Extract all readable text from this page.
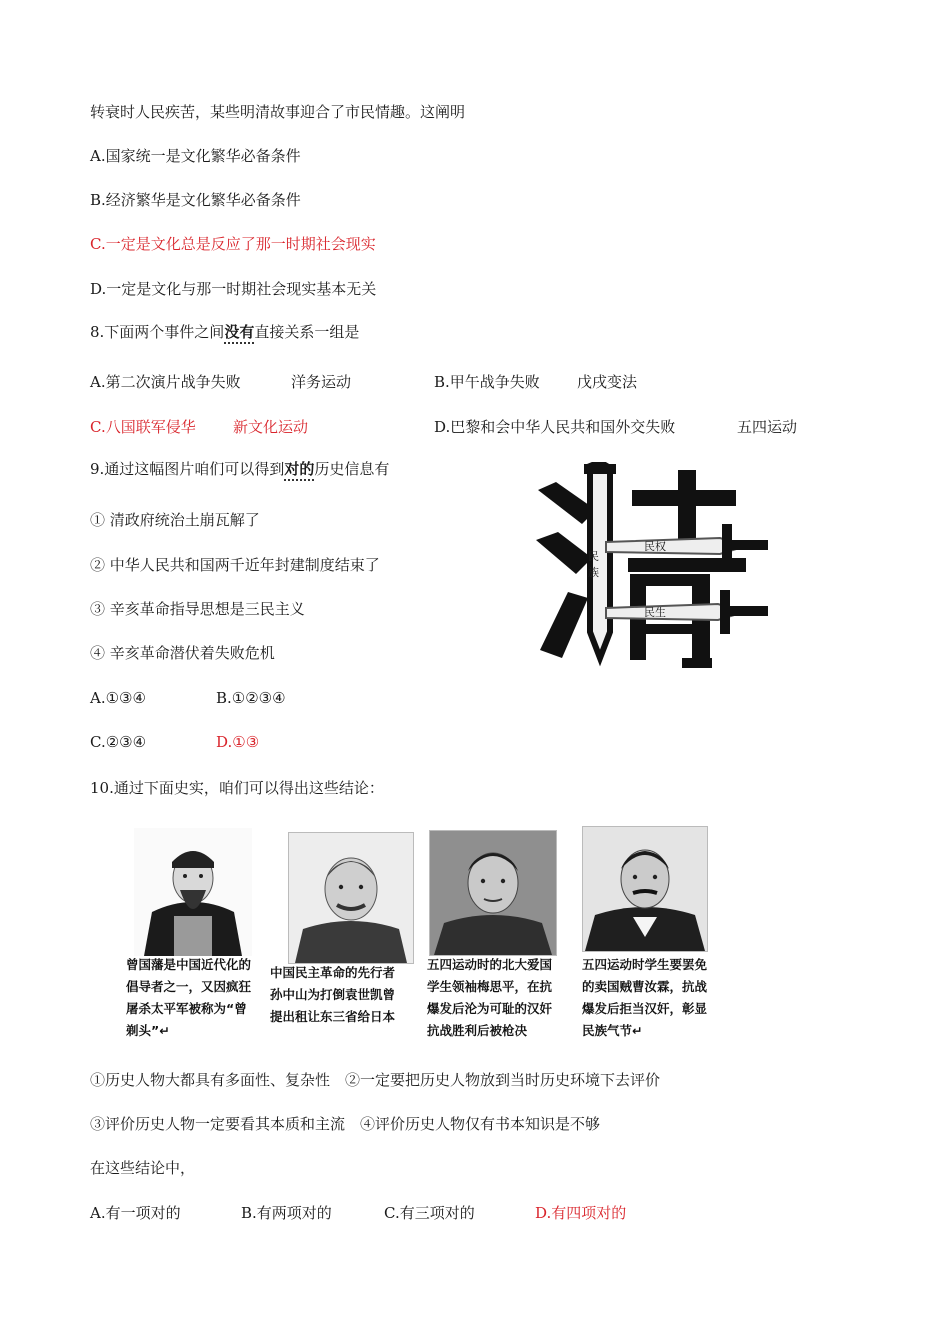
转衰时人民疾苦，某些明清故事迎合了市民情趣。这阐明
A.国家统一是文化繁华必备条件
B.经济繁华是文化繁华必备条件
C.一定是文化总是反应了那一时期社会现实
D.一定是文化与那一时期社会现实基本无关
8.下面两个事件之间没有直接关系一组是
A.第二次演片战争失败	洋务运动	B.甲午战争失败 戊戌变法
C.八国联军侵华 新文化运动	D.巴黎和会中华人民共和国外交失败	五四运动
9.通过这幅图片咱们可以得到对的历史信息有
① 清政府统治土崩瓦解了
② 中华人民共和国两千近年封建制度结束了
③ 辛亥革命指导思想是三民主义
④ 辛亥革命潜伏着失败危机
A.①③④	B.①②③④
C.②③④	D.①③
民
族
民权
民生
10.通过下面史实，咱们可以得出这些结论：
曾国藩是中国近代化的
倡导者之一，又因疯狂
屠杀太平军被称为“曾
剃头”↵
中国民主革命的先行者
孙中山为打倒袁世凯曾
提出租让东三省给日本
五四运动时的北大爱国
学生领袖梅思平，在抗
爆发后沦为可耻的汉奸
抗战胜利后被枪决
五四运动时学生要罢免
的卖国贼曹汝霖，抗战
爆发后拒当汉奸，彰显
民族气节↵
①历史人物大都具有多面性、复杂性　②一定要把历史人物放到当时历史环境下去评价
③评价历史人物一定要看其本质和主流　④评价历史人物仅有书本知识是不够
在这些结论中，
A.有一项对的	B.有两项对的	C.有三项对的	D.有四项对的
